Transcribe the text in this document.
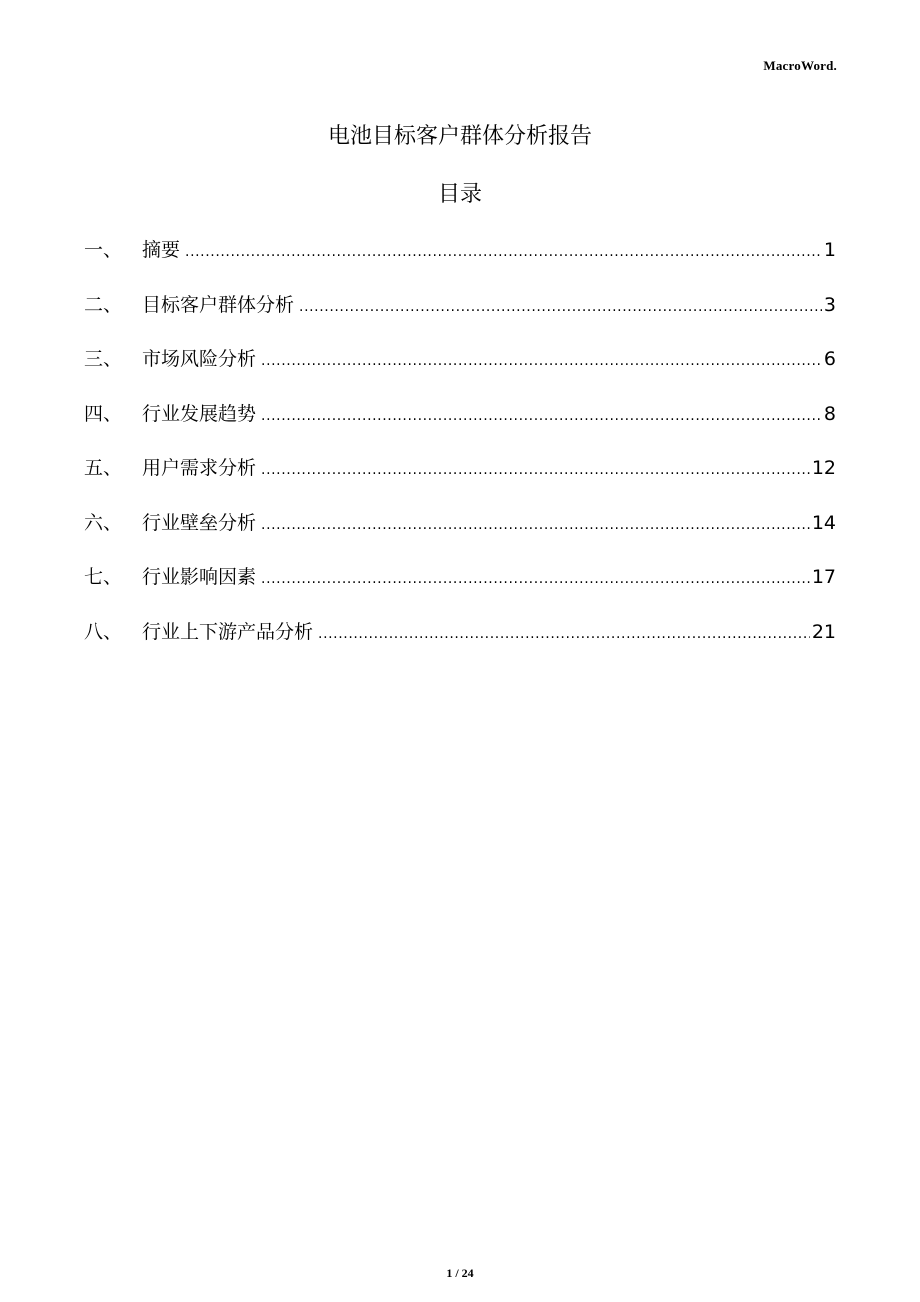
MacroWord.
电池目标客户群体分析报告
目录
一、	摘要 .....	1
二、	目标客户群体分析 .....	3
三、	市场风险分析 .....	6
四、	行业发展趋势 .....	8
五、	用户需求分析 .....	12
六、	行业壁垒分析 .....	14
七、	行业影响因素 .....	17
八、	行业上下游产品分析 .....	21
1 / 24
